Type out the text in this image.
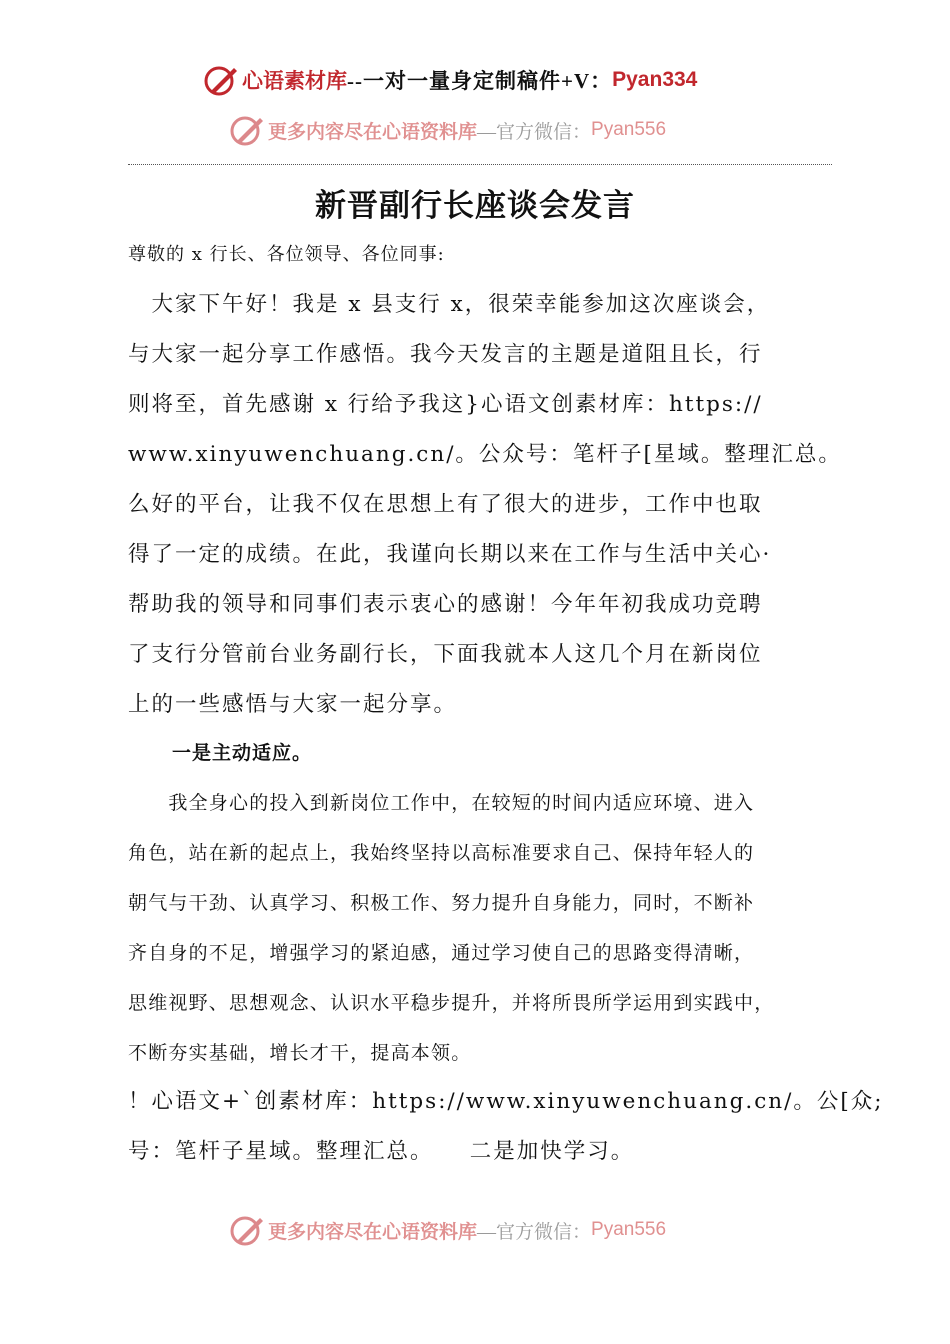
心语素材库 --一对一量身定制稿件+V： Pyan334
更多内容尽在心语资料库 —官方微信： Pyan556
新晋副行长座谈会发言
尊敬的 x 行长、各位领导、各位同事:
　大家下午好！我是 x 县支行 x，很荣幸能参加这次座谈会，
与大家一起分享工作感悟。我今天发言的主题是道阻且长，行
则将至，首先感谢 x 行给予我这}心语文创素材库：https://
www.xinyuwenchuang.cn/。公众号：笔杆子[星域。整理汇总。
么好的平台，让我不仅在思想上有了很大的进步，工作中也取
得了一定的成绩。在此，我谨向长期以来在工作与生活中关心·
帮助我的领导和同事们表示衷心的感谢！今年年初我成功竞聘
了支行分管前台业务副行长，下面我就本人这几个月在新岗位
上的一些感悟与大家一起分享。
一是主动适应。
　　我全身心的投入到新岗位工作中，在较短的时间内适应环境、进入
角色，站在新的起点上，我始终坚持以高标准要求自己、保持年轻人的
朝气与干劲、认真学习、积极工作、努力提升自身能力，同时，不断补
齐自身的不足，增强学习的紧迫感，通过学习使自己的思路变得清晰，
思维视野、思想观念、认识水平稳步提升，并将所畏所学运用到实践中，
不断夯实基础，增长才干，提高本领。
！心语文+`创素材库：https://www.xinyuwenchuang.cn/。公[众;
号：笔杆子星域。整理汇总。　　二是加快学习。
更多内容尽在心语资料库 —官方微信： Pyan556
